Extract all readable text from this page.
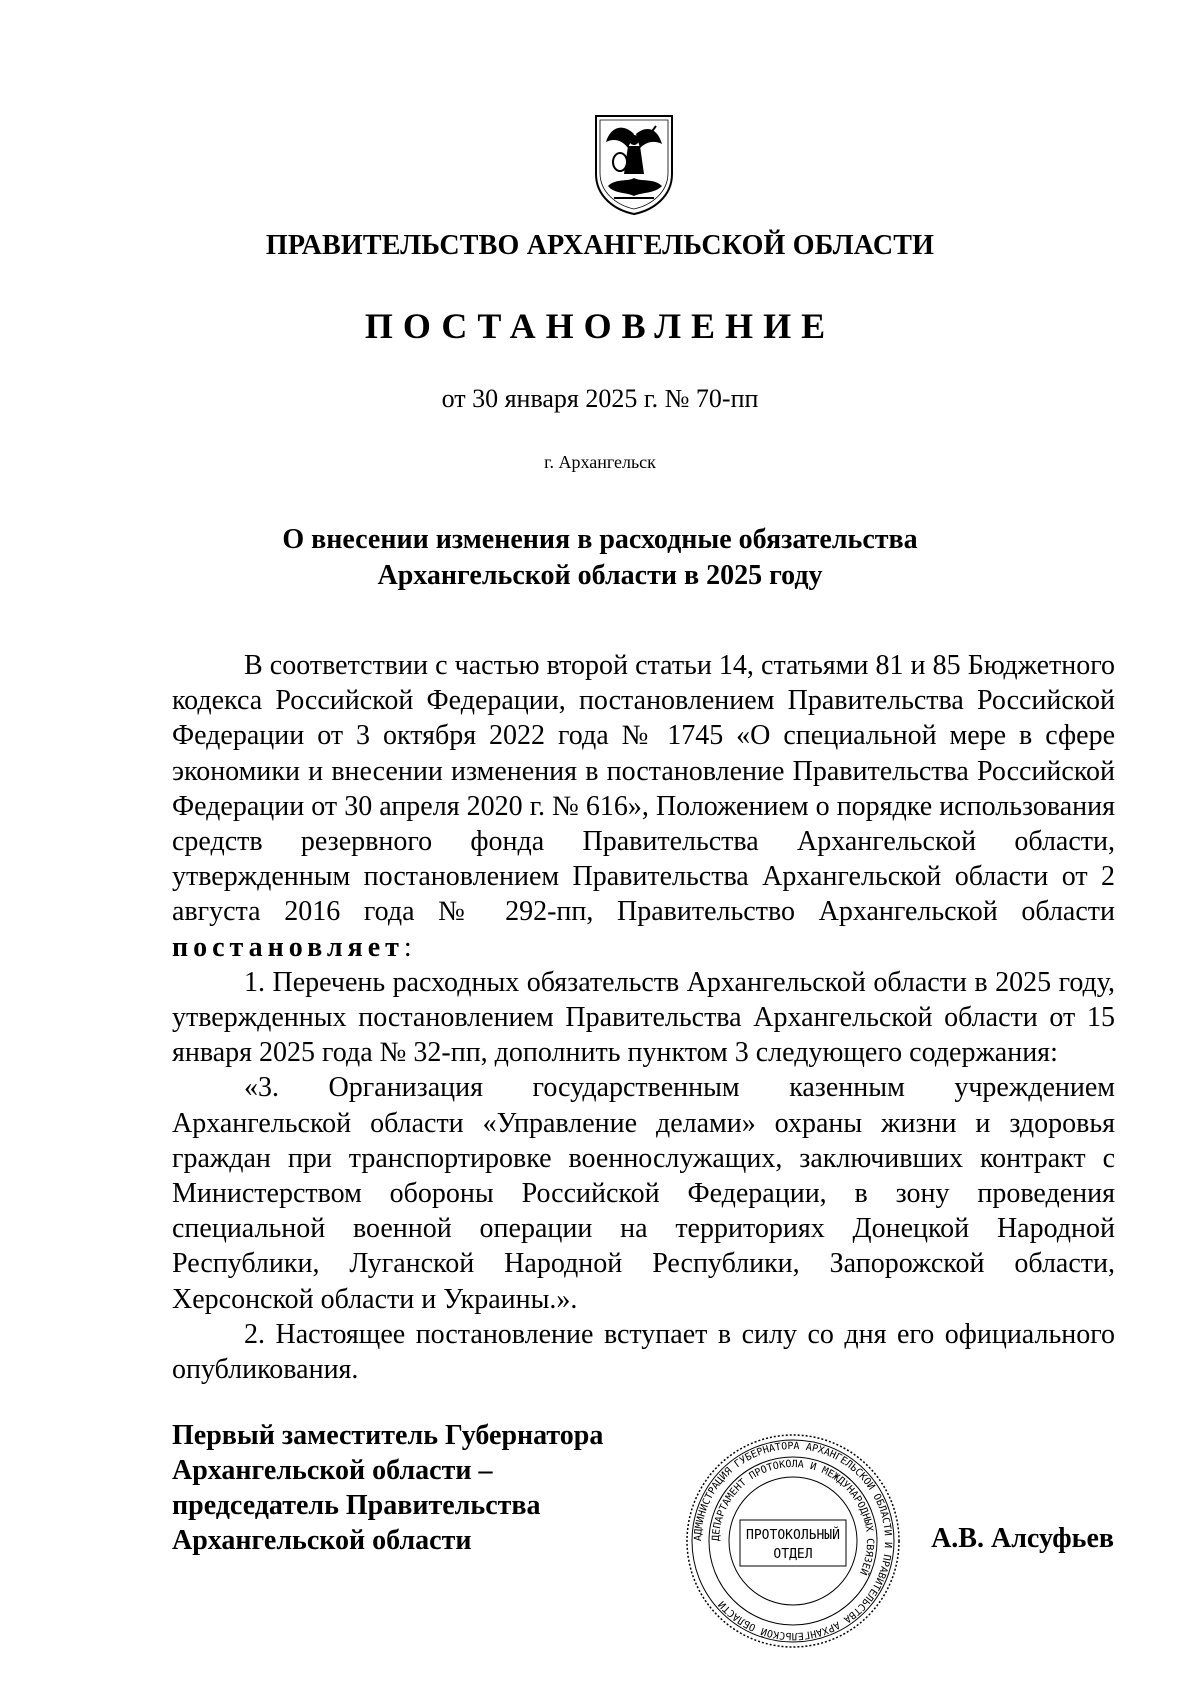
ПРАВИТЕЛЬСТВО АРХАНГЕЛЬСКОЙ ОБЛАСТИ
ПОСТАНОВЛЕНИЕ

от 30 января 2025 г. № 70-пп

г. Архангельск

О внесении изменения в расходные обязательства
Архангельской области в 2025 году

В соответствии с частью второй статьи 14, статьями 81 и 85 Бюджетного кодекса Российской Федерации, постановлением Правительства Российской Федерации от 3 октября 2022 года № 1745 «О специальной мере в сфере экономики и внесении изменения в постановление Правительства Российской Федерации от 30 апреля 2020 г. № 616», Положением о порядке использования средств резервного фонда Правительства Архангельской области, утвержденным постановлением Правительства Архангельской области от 2 августа 2016 года № 292-пп, Правительство Архангельской области постановляет:

1. Перечень расходных обязательств Архангельской области в 2025 году, утвержденных постановлением Правительства Архангельской области от 15 января 2025 года № 32-пп, дополнить пунктом 3 следующего содержания:

«3. Организация государственным казенным учреждением Архангельской области «Управление делами» охраны жизни и здоровья граждан при транспортировке военнослужащих, заключивших контракт с Министерством обороны Российской Федерации, в зону проведения специальной военной операции на территориях Донецкой Народной Республики, Луганской Народной Республики, Запорожской области, Херсонской области и Украины.».

2. Настоящее постановление вступает в силу со дня его официального опубликования.

Первый заместитель Губернатора
Архангельской области –
председатель Правительства
Архангельской области	АДМИНИСТРАЦИЯ ГУБЕРНАТОРА АРХАНГЕЛЬСКОЙ ОБЛАСТИ И ПРАВИТЕЛЬСТВА АРХАНГЕЛЬСКОЙ ОБЛАСТИ
ДЕПАРТАМЕНТ ПРОТОКОЛА И МЕЖДУНАРОДНЫХ СВЯЗЕЙ
ПРОТОКОЛЬНЫЙ
ОТДЕЛ

А.В. Алсуфьев
